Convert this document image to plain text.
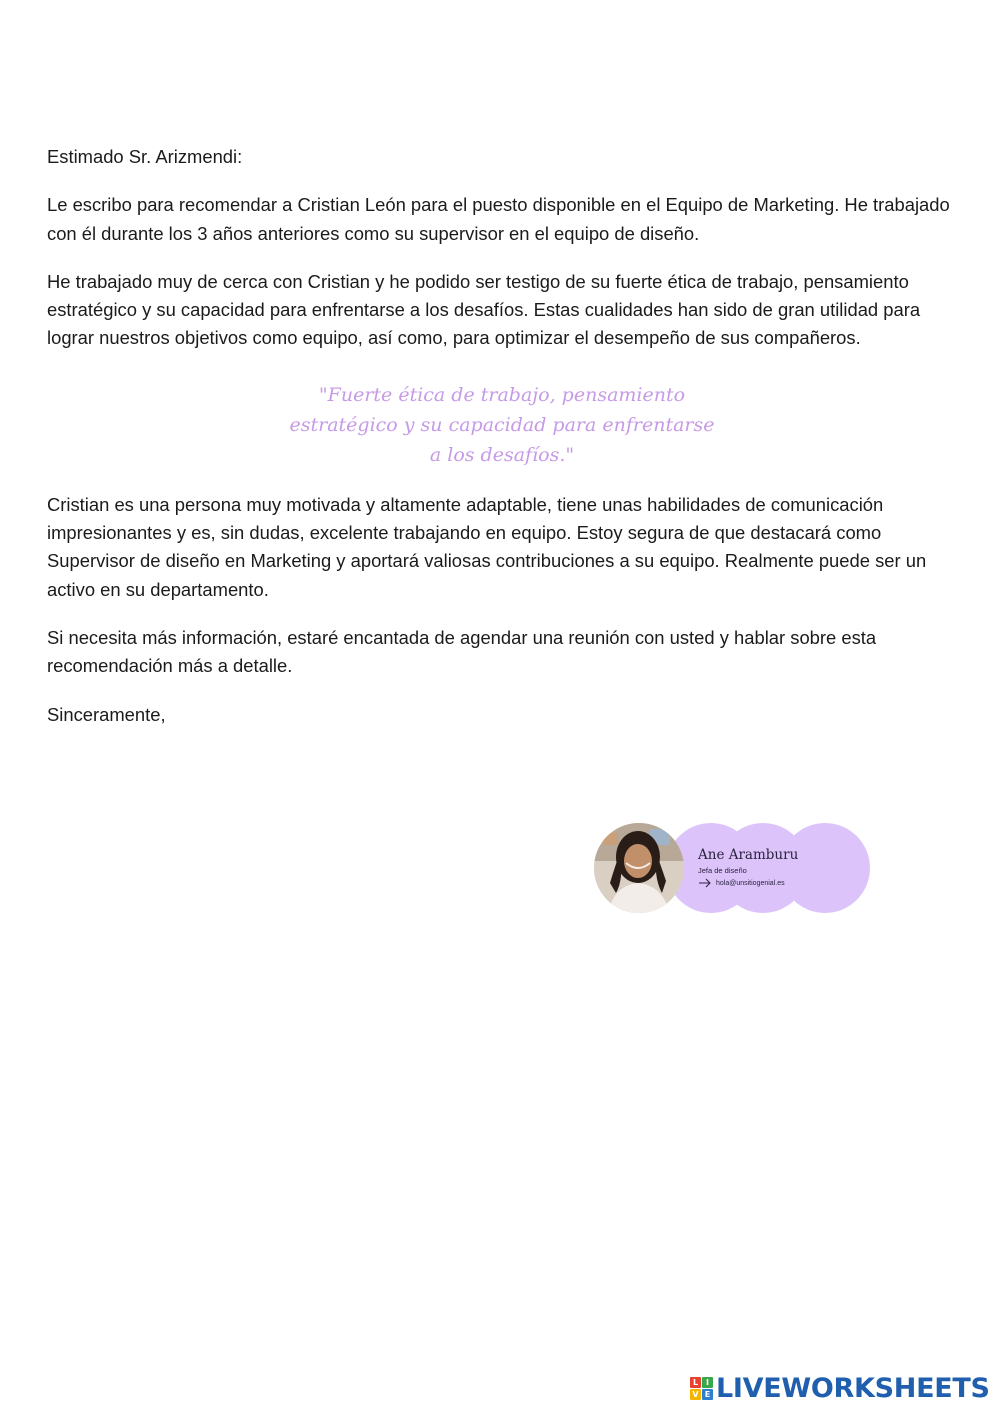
Estimado Sr. Arizmendi:

Le escribo para recomendar a Cristian León para el puesto disponible en el Equipo de Marketing. He trabajado con él durante los 3 años anteriores como su supervisor en el equipo de diseño.

He trabajado muy de cerca con Cristian y he podido ser testigo de su fuerte ética de trabajo, pensamiento estratégico y su capacidad para enfrentarse a los desafíos. Estas cualidades han sido de gran utilidad para lograr nuestros objetivos como equipo, así como, para optimizar el desempeño de sus compañeros.

"Fuerte ética de trabajo, pensamiento
estratégico y su capacidad para enfrentarse
a los desafíos."

Cristian es una persona muy motivada y altamente adaptable, tiene unas habilidades de comunicación impresionantes y es, sin dudas, excelente trabajando en equipo. Estoy segura de que destacará como Supervisor de diseño en Marketing y aportará valiosas contribuciones a su equipo. Realmente puede ser un activo en su departamento.

Si necesita más información, estaré encantada de agendar una reunión con usted y hablar sobre esta recomendación más a detalle.

Sinceramente,

Ane Aramburu
Jefa de diseño
hola@unsitiogenial.es
L I
V E LIVEWORKSHEETS
